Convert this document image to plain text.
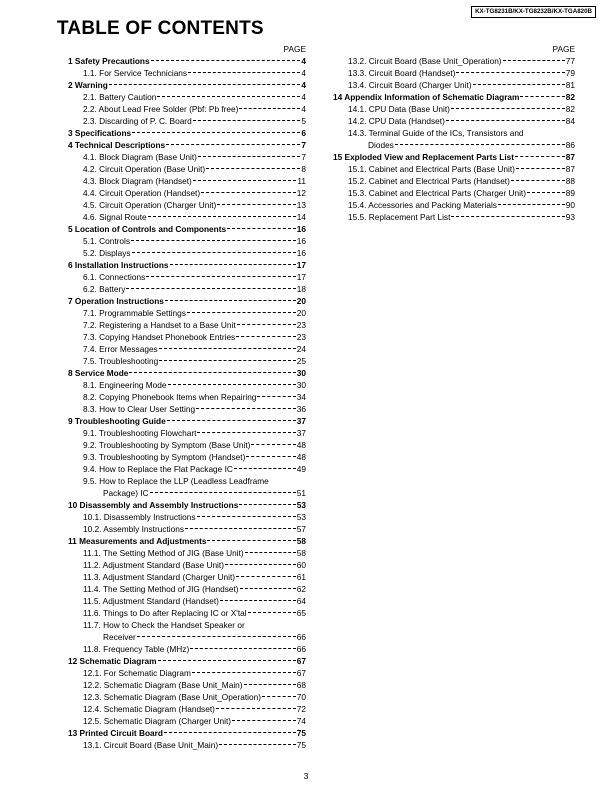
KX-TG8231B/KX-TG8232B/KX-TGA820B
TABLE OF CONTENTS
PAGE
1 Safety Precautions	4
1.1. For Service Technicians	4
2 Warning	4
2.1. Battery Caution	4
2.2. About Lead Free Solder (Pbf: Pb free)	4
2.3. Discarding of P. C. Board	5
3 Specifications	6
4 Technical Descriptions	7
4.1. Block Diagram (Base Unit)	7
4.2. Circuit Operation (Base Unit)	8
4.3. Block Diagram (Handset)	11
4.4. Circuit Operation (Handset)	12
4.5. Circuit Operation (Charger Unit)	13
4.6. Signal Route	14
5 Location of Controls and Components	16
5.1. Controls	16
5.2. Displays	16
6 Installation Instructions	17
6.1. Connections	17
6.2. Battery	18
7 Operation Instructions	20
7.1. Programmable Settings	20
7.2. Registering a Handset to a Base Unit	23
7.3. Copying Handset Phonebook Entries	23
7.4. Error Messages	24
7.5. Troubleshooting	25
8 Service Mode	30
8.1. Engineering Mode	30
8.2. Copying Phonebook Items when Repairing	34
8.3. How to Clear User Setting	36
9 Troubleshooting Guide	37
9.1. Troubleshooting Flowchart	37
9.2. Troubleshooting by Symptom (Base Unit)	48
9.3. Troubleshooting by Symptom (Handset)	48
9.4. How to Replace the Flat Package IC	49
9.5. How to Replace the LLP (Leadless Leadframe
Package) IC	51
10 Disassembly and Assembly Instructions	53
10.1. Disassembly Instructions	53
10.2. Assembly Instructions	57
11 Measurements and Adjustments	58
11.1. The Setting Method of JIG (Base Unit)	58
11.2. Adjustment Standard (Base Unit)	60
11.3. Adjustment Standard (Charger Unit)	61
11.4. The Setting Method of JIG (Handset)	62
11.5. Adjustment Standard (Handset)	64
11.6. Things to Do after Replacing IC or X'tal	65
11.7. How to Check the Handset Speaker or
Receiver	66
11.8. Frequency Table (MHz)	66
12 Schematic Diagram	67
12.1. For Schematic Diagram	67
12.2. Schematic Diagram (Base Unit_Main)	68
12.3. Schematic Diagram (Base Unit_Operation)	70
12.4. Schematic Diagram (Handset)	72
12.5. Schematic Diagram (Charger Unit)	74
13 Printed Circuit Board	75
13.1. Circuit Board (Base Unit_Main)	75
PAGE
13.2. Circuit Board (Base Unit_Operation)	77
13.3. Circuit Board (Handset)	79
13.4. Circuit Board (Charger Unit)	81
14 Appendix Information of Schematic Diagram	82
14.1. CPU Data (Base Unit)	82
14.2. CPU Data (Handset)	84
14.3. Terminal Guide of the ICs, Transistors and
Diodes	86
15 Exploded View and Replacement Parts List	87
15.1. Cabinet and Electrical Parts (Base Unit)	87
15.2. Cabinet and Electrical Parts (Handset)	88
15.3. Cabinet and Electrical Parts (Charger Unit)	89
15.4. Accessories and Packing Materials	90
15.5. Replacement Part List	93
3
